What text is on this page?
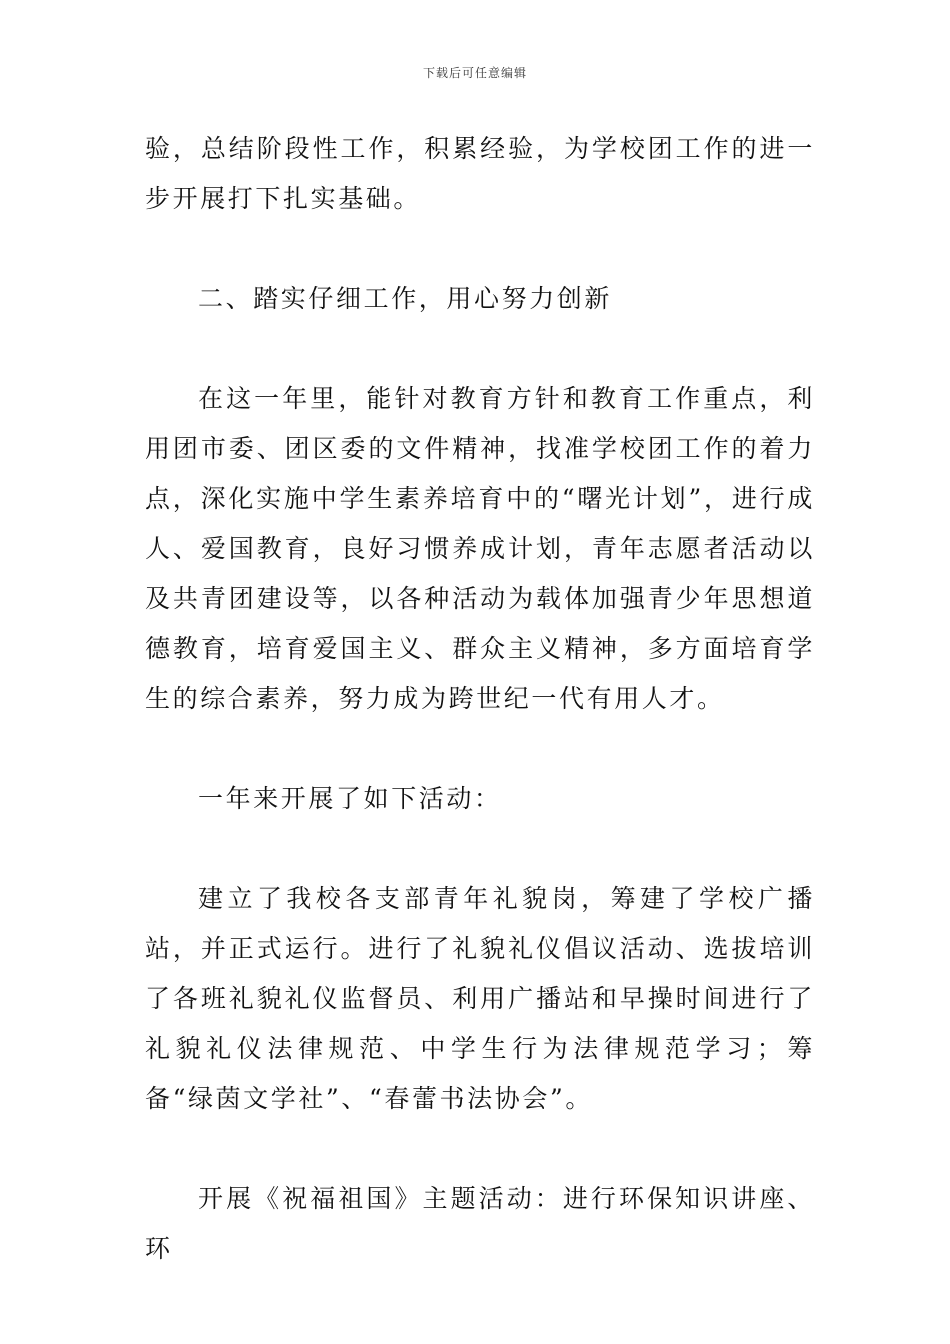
下载后可任意编辑

验，总结阶段性工作，积累经验，为学校团工作的进一步开展打下扎实基础。

二、踏实仔细工作，用心努力创新

在这一年里，能针对教育方针和教育工作重点，利用团市委、团区委的文件精神，找准学校团工作的着力点，深化实施中学生素养培育中的“曙光计划”，进行成人、爱国教育，良好习惯养成计划，青年志愿者活动以及共青团建设等，以各种活动为载体加强青少年思想道德教育，培育爱国主义、群众主义精神，多方面培育学生的综合素养，努力成为跨世纪一代有用人才。

一年来开展了如下活动：

建立了我校各支部青年礼貌岗，筹建了学校广播站，并正式运行。进行了礼貌礼仪倡议活动、选拔培训了各班礼貌礼仪监督员、利用广播站和早操时间进行了礼貌礼仪法律规范、中学生行为法律规范学习；筹备“绿茵文学社”、“春蕾书法协会”。

开展《祝福祖国》主题活动：进行环保知识讲座、环
